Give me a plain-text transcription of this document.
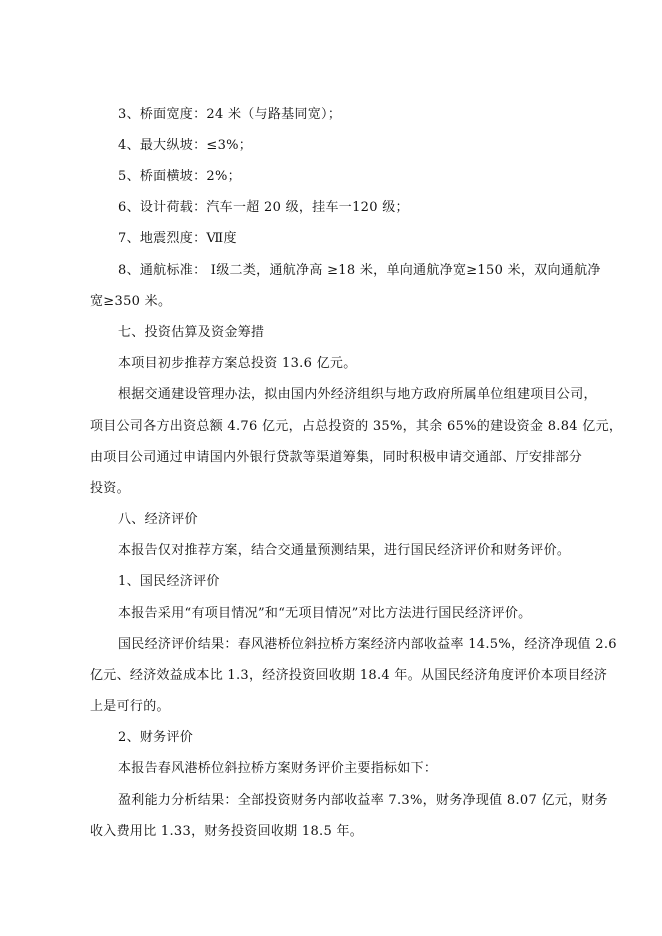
3、桥面宽度：24 米（与路基同宽）；
4、最大纵坡：≤3%；
5、桥面横坡：2%；
6、设计荷载：汽车一超 20 级，挂车一120 级；
7、地震烈度：Ⅶ度
8、通航标准： Ⅰ级二类，通航净高 ≥18 米，单向通航净宽≥150 米，双向通航净
宽≥350 米。
七、投资估算及资金筹措
本项目初步推荐方案总投资 13.6 亿元。
根据交通建设管理办法，拟由国内外经济组织与地方政府所属单位组建项目公司，
项目公司各方出资总额 4.76 亿元，占总投资的 35%，其余 65%的建设资金 8.84 亿元，
由项目公司通过申请国内外银行贷款等渠道筹集，同时积极申请交通部、厅安排部分
投资。
八、经济评价
本报告仅对推荐方案，结合交通量预测结果，进行国民经济评价和财务评价。
1、国民经济评价
本报告采用“有项目情况”和“无项目情况”对比方法进行国民经济评价。
国民经济评价结果：春风港桥位斜拉桥方案经济内部收益率 14.5%，经济净现值 2.6
亿元、经济效益成本比 1.3，经济投资回收期 18.4 年。从国民经济角度评价本项目经济
上是可行的。
2、财务评价
本报告春风港桥位斜拉桥方案财务评价主要指标如下：
盈利能力分析结果：全部投资财务内部收益率 7.3%，财务净现值 8.07 亿元，财务
收入费用比 1.33，财务投资回收期 18.5 年。
